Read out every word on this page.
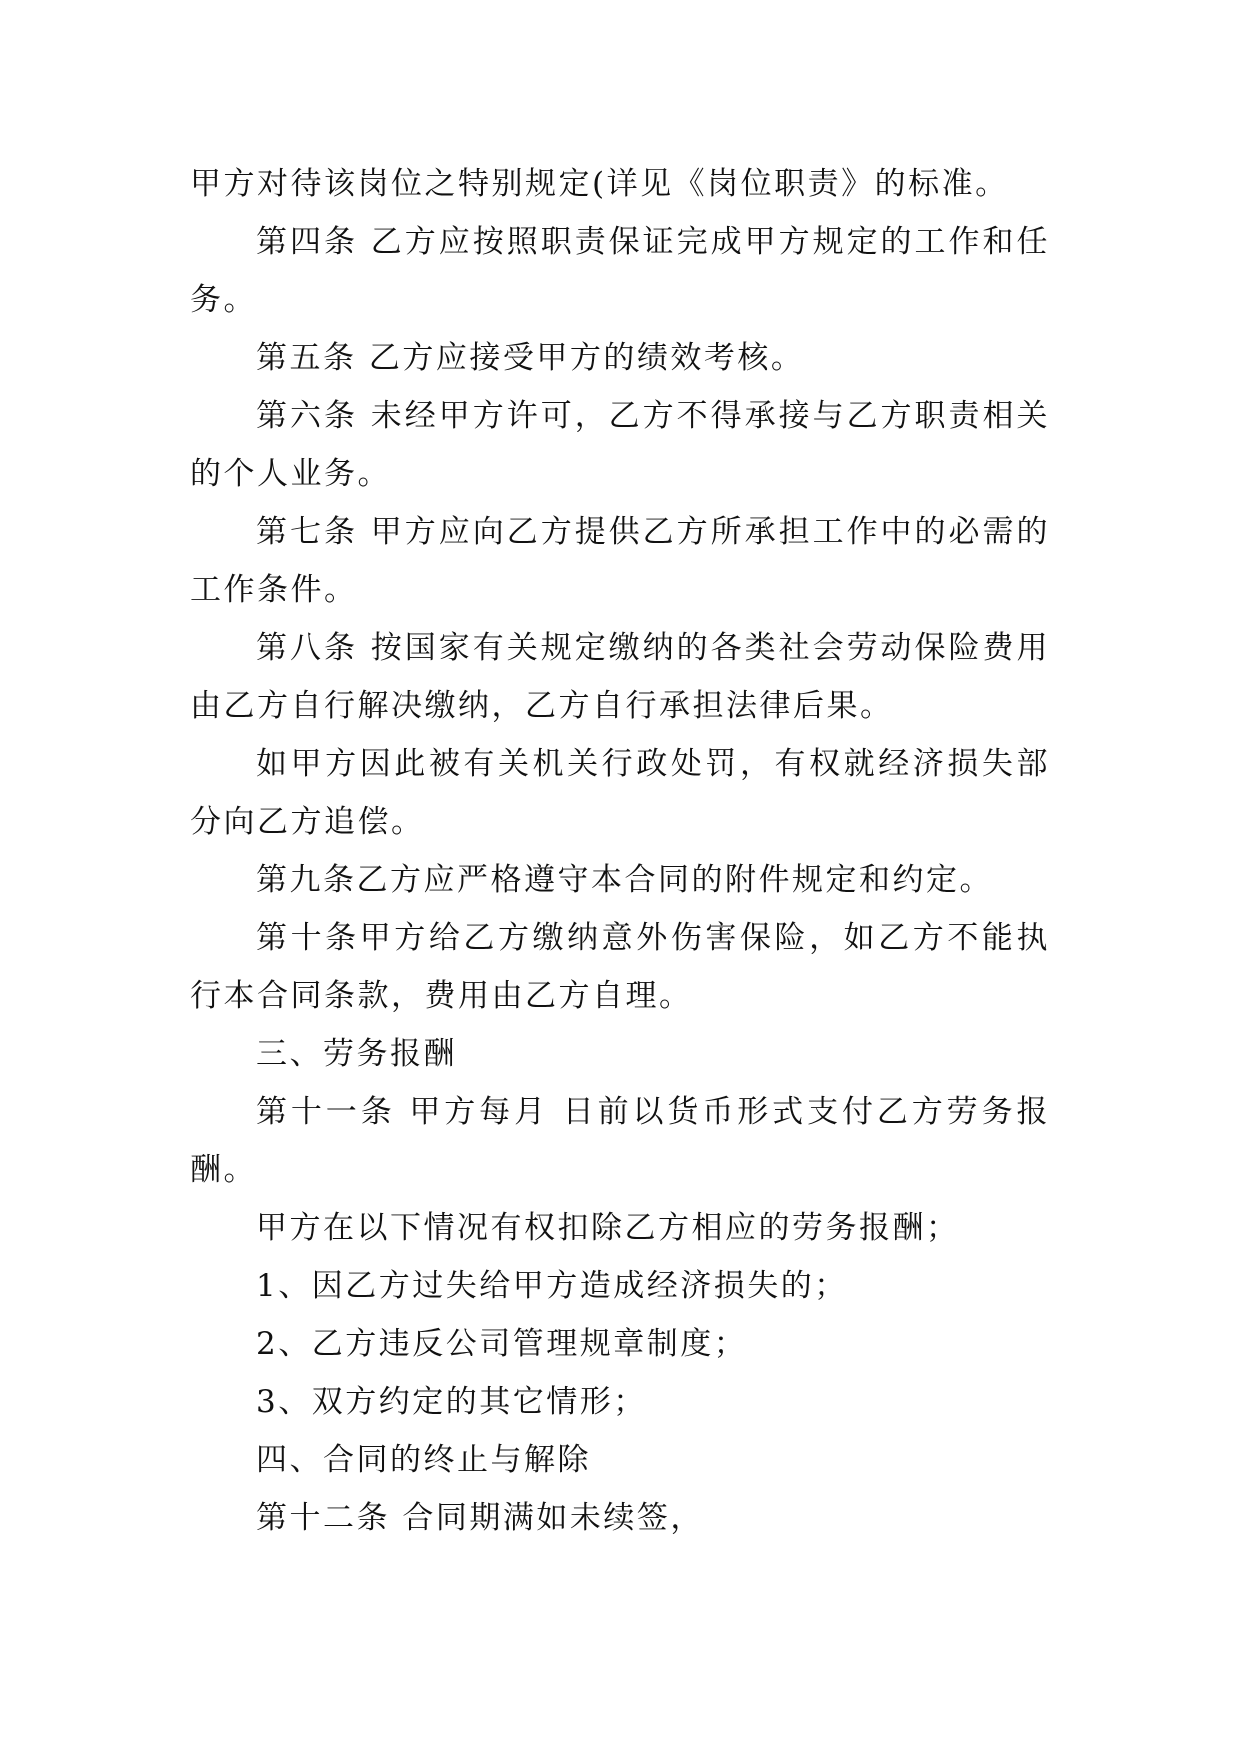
甲方对待该岗位之特别规定(详见《岗位职责》的标准。

第四条 乙方应按照职责保证完成甲方规定的工作和任务。

第五条 乙方应接受甲方的绩效考核。

第六条 未经甲方许可，乙方不得承接与乙方职责相关的个人业务。

第七条 甲方应向乙方提供乙方所承担工作中的必需的工作条件。

第八条 按国家有关规定缴纳的各类社会劳动保险费用由乙方自行解决缴纳，乙方自行承担法律后果。

如甲方因此被有关机关行政处罚，有权就经济损失部分向乙方追偿。

第九条乙方应严格遵守本合同的附件规定和约定。

第十条甲方给乙方缴纳意外伤害保险，如乙方不能执行本合同条款，费用由乙方自理。

三、劳务报酬

第十一条 甲方每月 日前以货币形式支付乙方劳务报酬。

甲方在以下情况有权扣除乙方相应的劳务报酬；

1、因乙方过失给甲方造成经济损失的；

2、乙方违反公司管理规章制度；

3、双方约定的其它情形；

四、合同的终止与解除

第十二条 合同期满如未续签，
